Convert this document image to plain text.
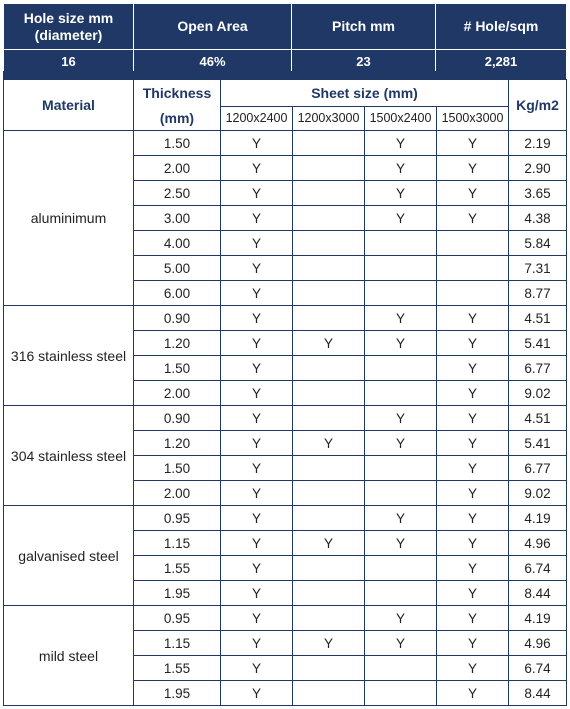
Hole size mm
(diameter)	Open Area	Pitch mm	# Hole/sqm
16	46%	23	2,281
Material	Thickness	Sheet size (mm)				Kg/m2
	(mm)	1200x2400	1200x3000	1500x2400	1500x3000	
aluminimum	1.50	Y		Y	Y	2.19
	2.00	Y		Y	Y	2.90
	2.50	Y		Y	Y	3.65
	3.00	Y		Y	Y	4.38
	4.00	Y				5.84
	5.00	Y				7.31
	6.00	Y				8.77
316 stainless steel	0.90	Y		Y	Y	4.51
	1.20	Y	Y	Y	Y	5.41
	1.50	Y			Y	6.77
	2.00	Y			Y	9.02
304 stainless steel	0.90	Y		Y	Y	4.51
	1.20	Y	Y	Y	Y	5.41
	1.50	Y			Y	6.77
	2.00	Y			Y	9.02
galvanised steel	0.95	Y		Y	Y	4.19
	1.15	Y	Y	Y	Y	4.96
	1.55	Y			Y	6.74
	1.95	Y			Y	8.44
mild steel	0.95	Y		Y	Y	4.19
	1.15	Y	Y	Y	Y	4.96
	1.55	Y			Y	6.74
	1.95	Y			Y	8.44
